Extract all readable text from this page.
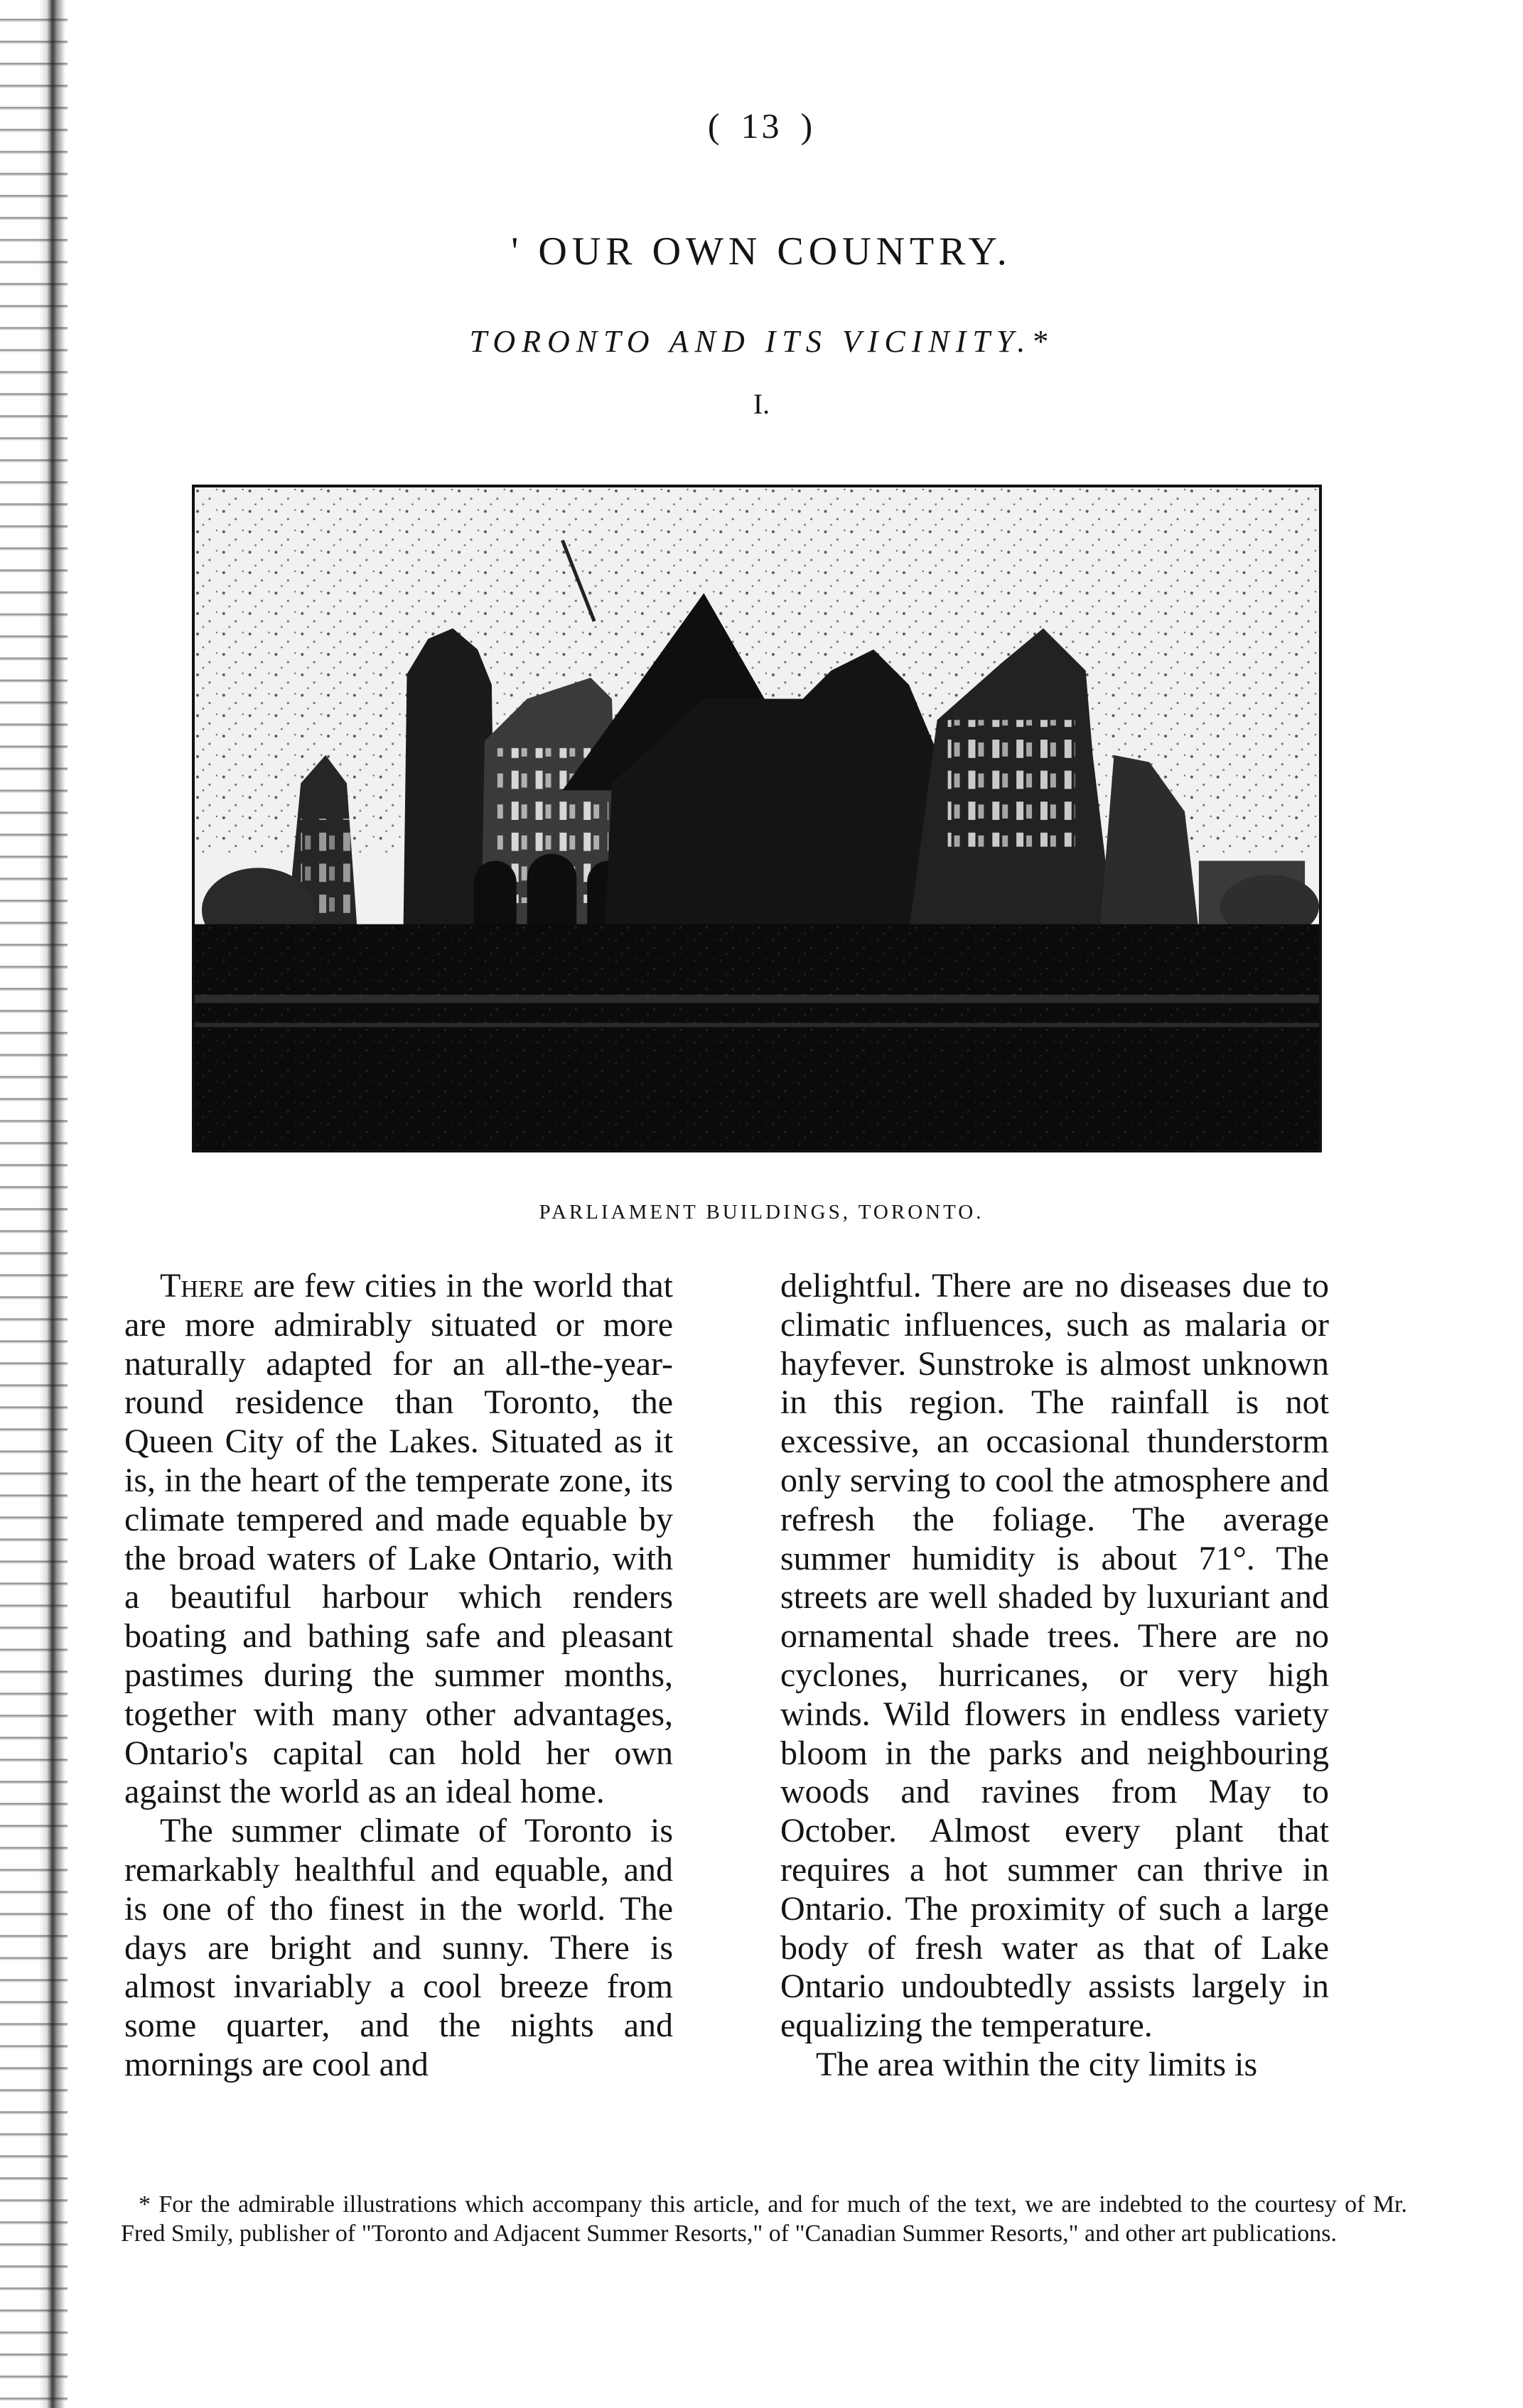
( 13 )
' OUR OWN COUNTRY.
TORONTO AND ITS VICINITY.*
I.
PARLIAMENT BUILDINGS, TORONTO.

There are few cities in the world that are more admirably situated or more naturally adapted for an all-the-year-round residence than Toronto, the Queen City of the Lakes. Situated as it is, in the heart of the temperate zone, its climate tempered and made equable by the broad waters of Lake Ontario, with a beautiful harbour which renders boating and bathing safe and pleasant pastimes during the summer months, together with many other advantages, Ontario's capital can hold her own against the world as an ideal home.

The summer climate of Toronto is remarkably healthful and equable, and is one of tho finest in the world. The days are bright and sunny. There is almost invariably a cool breeze from some quarter, and the nights and mornings are cool and

delightful. There are no diseases due to climatic influences, such as malaria or hayfever. Sunstroke is almost unknown in this region. The rainfall is not excessive, an occasional thunderstorm only serving to cool the atmosphere and refresh the foliage. The average summer humidity is about 71°. The streets are well shaded by luxuriant and ornamental shade trees. There are no cyclones, hurricanes, or very high winds. Wild flowers in endless variety bloom in the parks and neighbouring woods and ravines from May to October. Almost every plant that requires a hot summer can thrive in Ontario. The proximity of such a large body of fresh water as that of Lake Ontario undoubtedly assists largely in equalizing the temperature.

The area within the city limits is

* For the admirable illustrations which accompany this article, and for much of the text, we are indebted to the courtesy of Mr. Fred Smily, publisher of "Toronto and Adjacent Summer Resorts," of "Canadian Summer Resorts," and other art publications.
